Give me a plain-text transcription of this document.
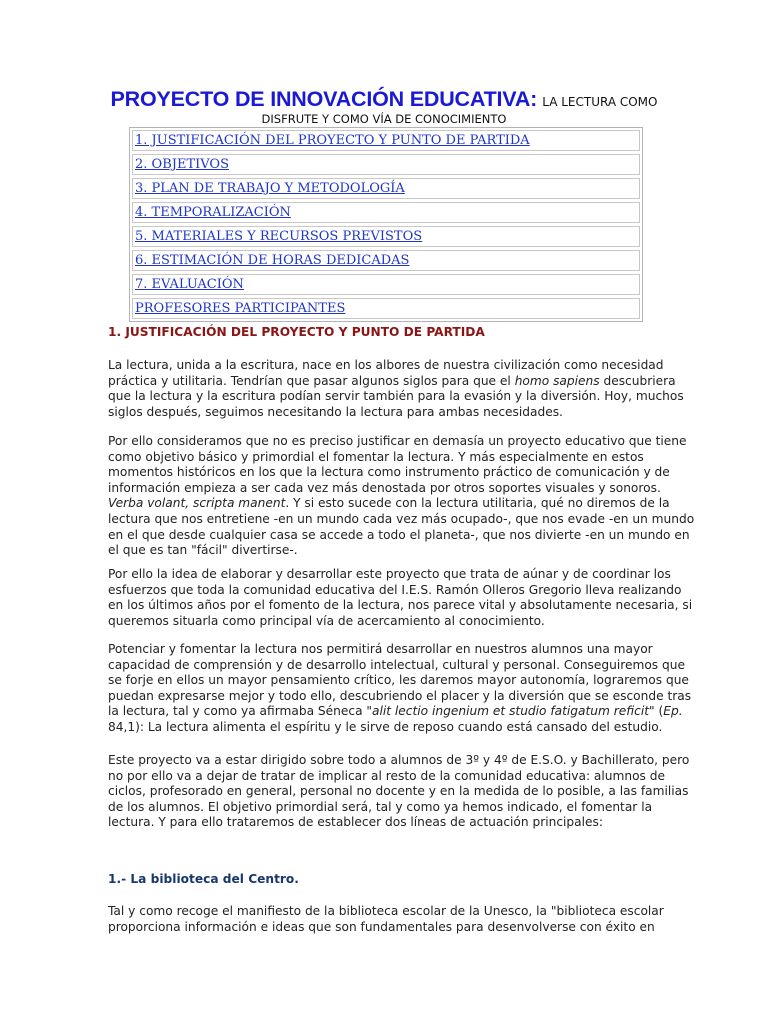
PROYECTO DE INNOVACIÓN EDUCATIVA: LA LECTURA COMO
DISFRUTE Y COMO VÍA DE CONOCIMIENTO
1. JUSTIFICACIÓN DEL PROYECTO Y PUNTO DE PARTIDA
2. OBJETIVOS
3. PLAN DE TRABAJO Y METODOLOGÍA
4. TEMPORALIZACIÓN
5. MATERIALES Y RECURSOS PREVISTOS
6. ESTIMACIÓN DE HORAS DEDICADAS
7. EVALUACIÓN
PROFESORES PARTICIPANTES
1. JUSTIFICACIÓN DEL PROYECTO Y PUNTO DE PARTIDA
La lectura, unida a la escritura, nace en los albores de nuestra civilización como necesidad
práctica y utilitaria. Tendrían que pasar algunos siglos para que el homo sapiens descubriera
que la lectura y la escritura podían servir también para la evasión y la diversión. Hoy, muchos
siglos después, seguimos necesitando la lectura para ambas necesidades.
Por ello consideramos que no es preciso justificar en demasía un proyecto educativo que tiene
como objetivo básico y primordial el fomentar la lectura. Y más especialmente en estos
momentos históricos en los que la lectura como instrumento práctico de comunicación y de
información empieza a ser cada vez más denostada por otros soportes visuales y sonoros.
Verba volant, scripta manent. Y si esto sucede con la lectura utilitaria, qué no diremos de la
lectura que nos entretiene -en un mundo cada vez más ocupado-, que nos evade -en un mundo
en el que desde cualquier casa se accede a todo el planeta-, que nos divierte -en un mundo en
el que es tan "fácil" divertirse-.
Por ello la idea de elaborar y desarrollar este proyecto que trata de aúnar y de coordinar los
esfuerzos que toda la comunidad educativa del I.E.S. Ramón Olleros Gregorio lleva realizando
en los últimos años por el fomento de la lectura, nos parece vital y absolutamente necesaria, si
queremos situarla como principal vía de acercamiento al conocimiento.
Potenciar y fomentar la lectura nos permitirá desarrollar en nuestros alumnos una mayor
capacidad de comprensión y de desarrollo intelectual, cultural y personal. Conseguiremos que
se forje en ellos un mayor pensamiento crítico, les daremos mayor autonomía, lograremos que
puedan expresarse mejor y todo ello, descubriendo el placer y la diversión que se esconde tras
la lectura, tal y como ya afirmaba Séneca "alit lectio ingenium et studio fatigatum reficit" (Ep.
84,1): La lectura alimenta el espíritu y le sirve de reposo cuando está cansado del estudio.
Este proyecto va a estar dirigido sobre todo a alumnos de 3º y 4º de E.S.O. y Bachillerato, pero
no por ello va a dejar de tratar de implicar al resto de la comunidad educativa: alumnos de
ciclos, profesorado en general, personal no docente y en la medida de lo posible, a las familias
de los alumnos. El objetivo primordial será, tal y como ya hemos indicado, el fomentar la
lectura. Y para ello trataremos de establecer dos líneas de actuación principales:
1.- La biblioteca del Centro.
Tal y como recoge el manifiesto de la biblioteca escolar de la Unesco, la "biblioteca escolar
proporciona información e ideas que son fundamentales para desenvolverse con éxito en
